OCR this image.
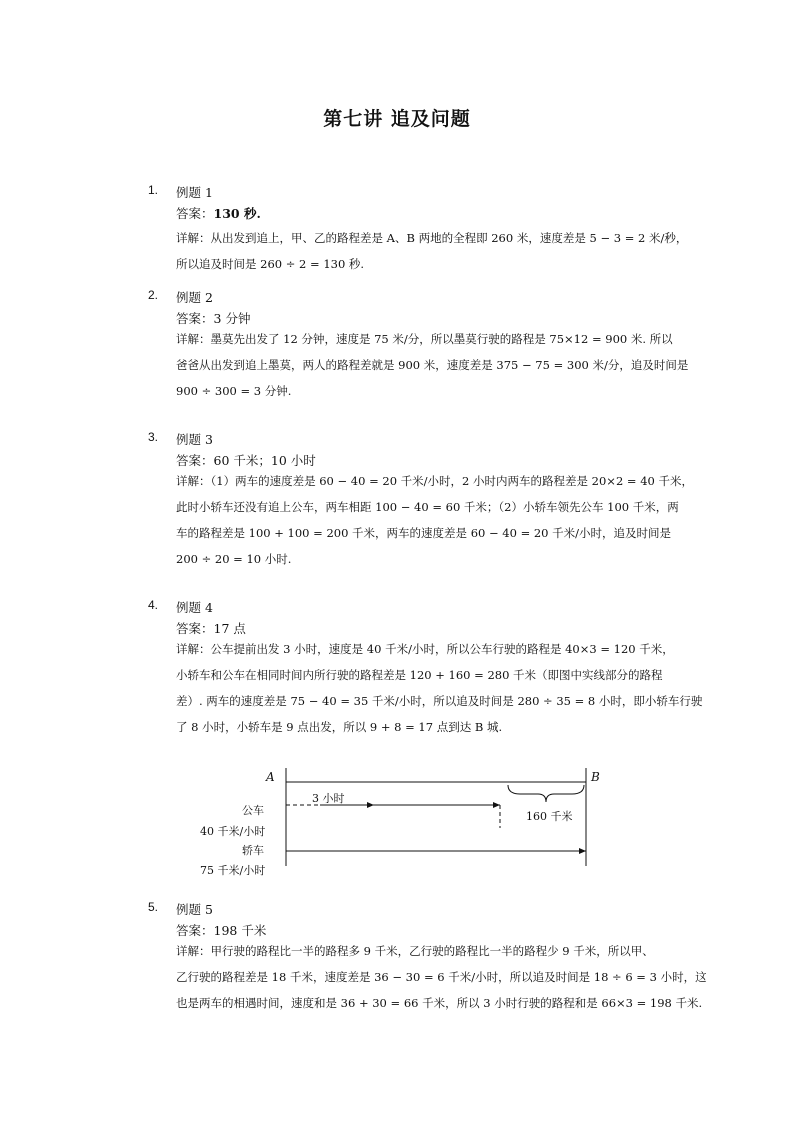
第七讲 追及问题
1. 例题 1
答案：130 秒.
详解：从出发到追上，甲、乙的路程差是 A、B 两地的全程即 260 米，速度差是 5 − 3 = 2 米/秒，
所以追及时间是 260 ÷ 2 = 130 秒.
2. 例题 2
答案：3 分钟
详解：墨莫先出发了 12 分钟，速度是 75 米/分，所以墨莫行驶的路程是 75×12 = 900 米. 所以
爸爸从出发到追上墨莫，两人的路程差就是 900 米，速度差是 375 − 75 = 300 米/分，追及时间是
900 ÷ 300 = 3 分钟.
3. 例题 3
答案：60 千米；10 小时
详解：（1）两车的速度差是 60 − 40 = 20 千米/小时，2 小时内两车的路程差是 20×2 = 40 千米，
此时小轿车还没有追上公车，两车相距 100 − 40 = 60 千米；（2）小轿车领先公车 100 千米，两
车的路程差是 100 + 100 = 200 千米，两车的速度差是 60 − 40 = 20 千米/小时，追及时间是
200 ÷ 20 = 10 小时.
4. 例题 4
答案：17 点
详解：公车提前出发 3 小时，速度是 40 千米/小时，所以公车行驶的路程是 40×3 = 120 千米，
小轿车和公车在相同时间内所行驶的路程差是 120 + 160 = 280 千米（即图中实线部分的路程
差）. 两车的速度差是 75 − 40 = 35 千米/小时，所以追及时间是 280 ÷ 35 = 8 小时，即小轿车行驶
了 8 小时，小轿车是 9 点出发，所以 9 + 8 = 17 点到达 B 城.
A	B
3 小时
160 千米
公车
40 千米/小时
轿车
75 千米/小时
5. 例题 5
答案：198 千米
详解：甲行驶的路程比一半的路程多 9 千米，乙行驶的路程比一半的路程少 9 千米，所以甲、
乙行驶的路程差是 18 千米，速度差是 36 − 30 = 6 千米/小时，所以追及时间是 18 ÷ 6 = 3 小时，这
也是两车的相遇时间，速度和是 36 + 30 = 66 千米，所以 3 小时行驶的路程和是 66×3 = 198 千米.
